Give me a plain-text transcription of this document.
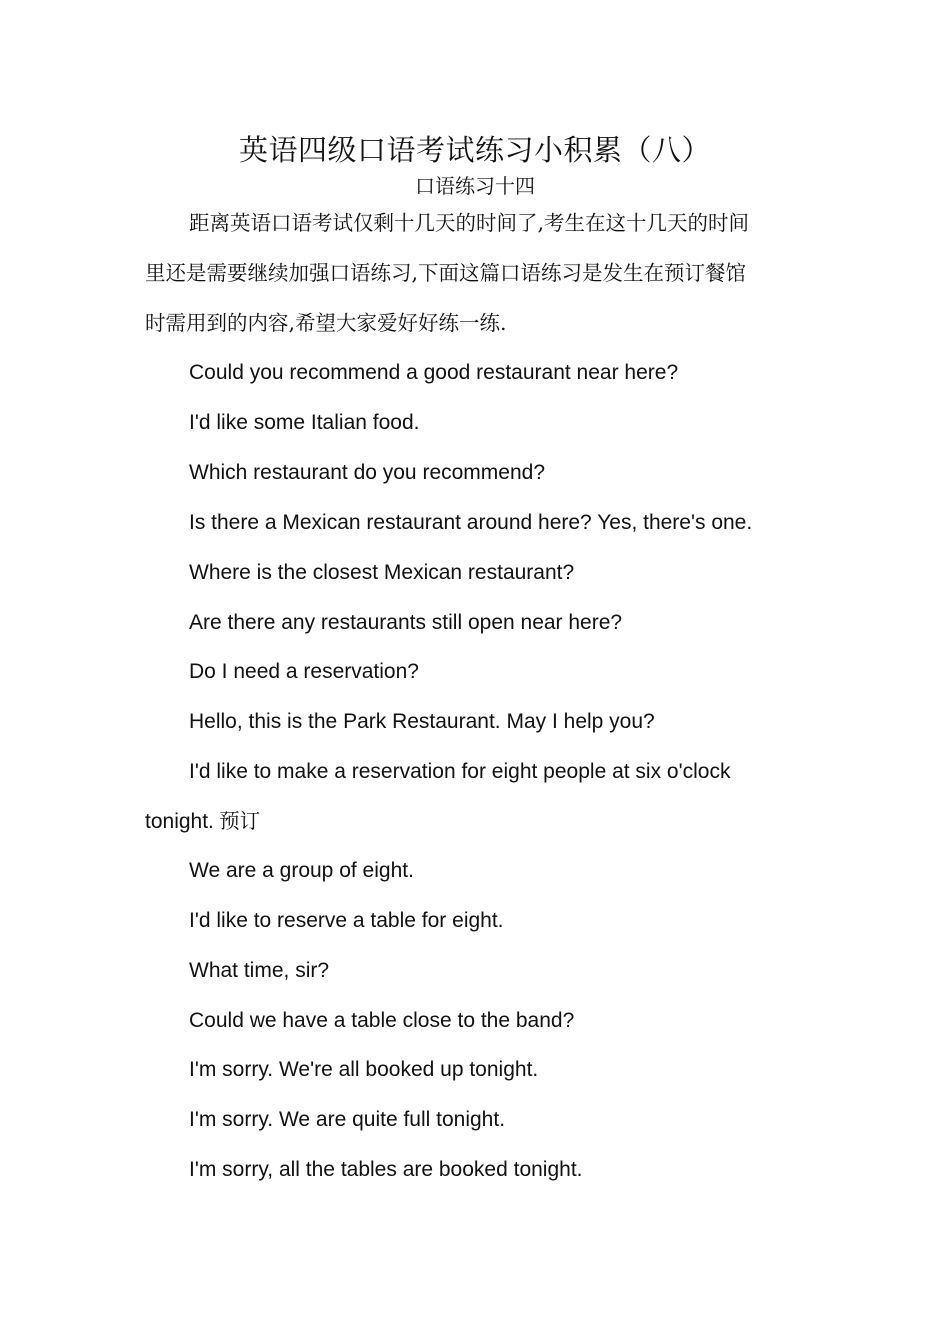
英语四级口语考试练习小积累（八）
口语练习十四
距离英语口语考试仅剩十几天的时间了,考生在这十几天的时间
里还是需要继续加强口语练习,下面这篇口语练习是发生在预订餐馆
时需用到的内容,希望大家爱好好练一练.
Could you recommend a good restaurant near here?
I'd like some Italian food.
Which restaurant do you recommend?
Is there a Mexican restaurant around here? Yes, there's one.
Where is the closest Mexican restaurant?
Are there any restaurants still open near here?
Do I need a reservation?
Hello, this is the Park Restaurant. May I help you?
I'd like to make a reservation for eight people at six o'clock
tonight. 预订
We are a group of eight.
I'd like to reserve a table for eight.
What time, sir?
Could we have a table close to the band?
I'm sorry. We're all booked up tonight.
I'm sorry. We are quite full tonight.
I'm sorry, all the tables are booked tonight.
